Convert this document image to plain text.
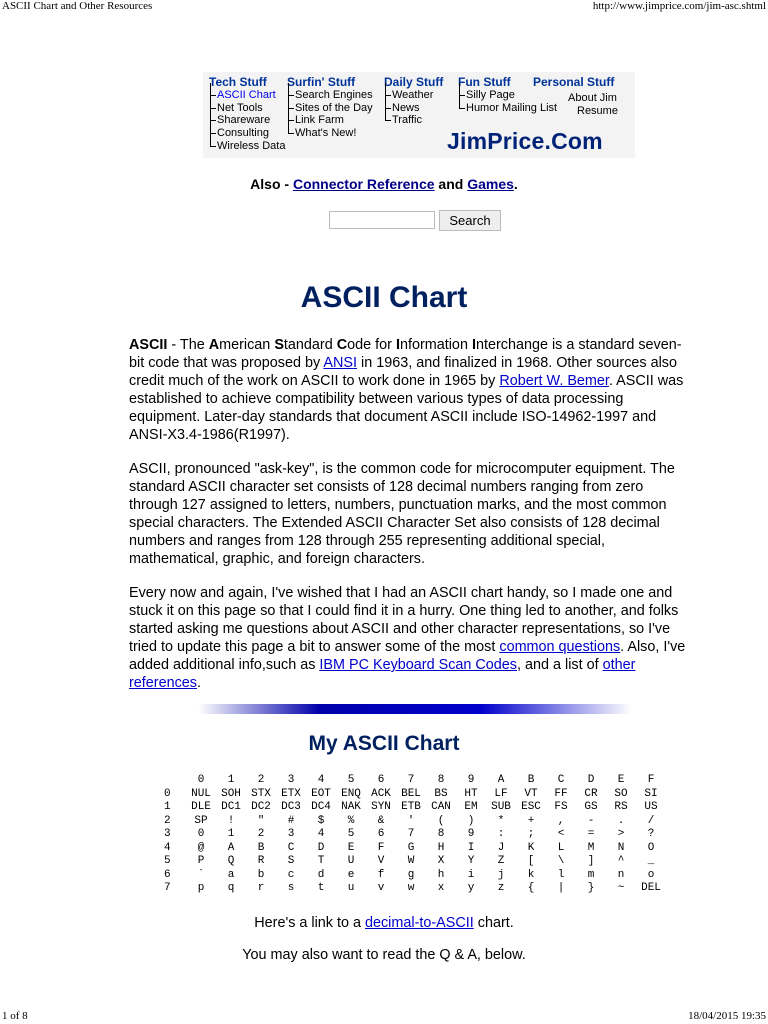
ASCII Chart and Other Resources	http://www.jimprice.com/jim-asc.shtml
Tech Stuff
ASCII Chart
Net Tools
Shareware
Consulting
Wireless Data
Surfin' Stuff
Search Engines
Sites of the Day
Link Farm
What's New!
Daily Stuff
Weather
News
Traffic
Fun Stuff
Silly Page
Humor Mailing List
Personal Stuff
About Jim
Resume
JimPrice.Com
Also - Connector Reference and Games.
Search
ASCII Chart

ASCII - The American Standard Code for Information Interchange is a standard seven-bit code that was proposed by ANSI in 1963, and finalized in 1968. Other sources also credit much of the work on ASCII to work done in 1965 by Robert W. Bemer. ASCII was established to achieve compatibility between various types of data processing equipment. Later-day standards that document ASCII include ISO-14962-1997 and ANSI-X3.4-1986(R1997).

ASCII, pronounced "ask-key", is the common code for microcomputer equipment. The standard ASCII character set consists of 128 decimal numbers ranging from zero through 127 assigned to letters, numbers, punctuation marks, and the most common special characters. The Extended ASCII Character Set also consists of 128 decimal numbers and ranges from 128 through 255 representing additional special, mathematical, graphic, and foreign characters.

Every now and again, I've wished that I had an ASCII chart handy, so I made one and stuck it on this page so that I could find it in a hurry. One thing led to another, and folks started asking me questions about ASCII and other character representations, so I've tried to update this page a bit to answer some of the most common questions. Also, I've added additional info,such as IBM PC Keyboard Scan Codes, and a list of other references.

My ASCII Chart
	0	1	2	3	4	5	6	7	8	9	A	B	C	D	E	F
0	NUL	SOH	STX	ETX	EOT	ENQ	ACK	BEL	BS	HT	LF	VT	FF	CR	SO	SI
1	DLE	DC1	DC2	DC3	DC4	NAK	SYN	ETB	CAN	EM	SUB	ESC	FS	GS	RS	US
2	SP	!	"	#	$	%	&	'	(	)	*	+	,	-	.	/
3	0	1	2	3	4	5	6	7	8	9	:	;	<	=	>	?
4	@	A	B	C	D	E	F	G	H	I	J	K	L	M	N	O
5	P	Q	R	S	T	U	V	W	X	Y	Z	[	\	]	^	_
6	`	a	b	c	d	e	f	g	h	i	j	k	l	m	n	o
7	p	q	r	s	t	u	v	w	x	y	z	{	|	}	~	DEL
Here's a link to a decimal-to-ASCII chart.
You may also want to read the Q & A, below.
1 of 8	18/04/2015 19:35
